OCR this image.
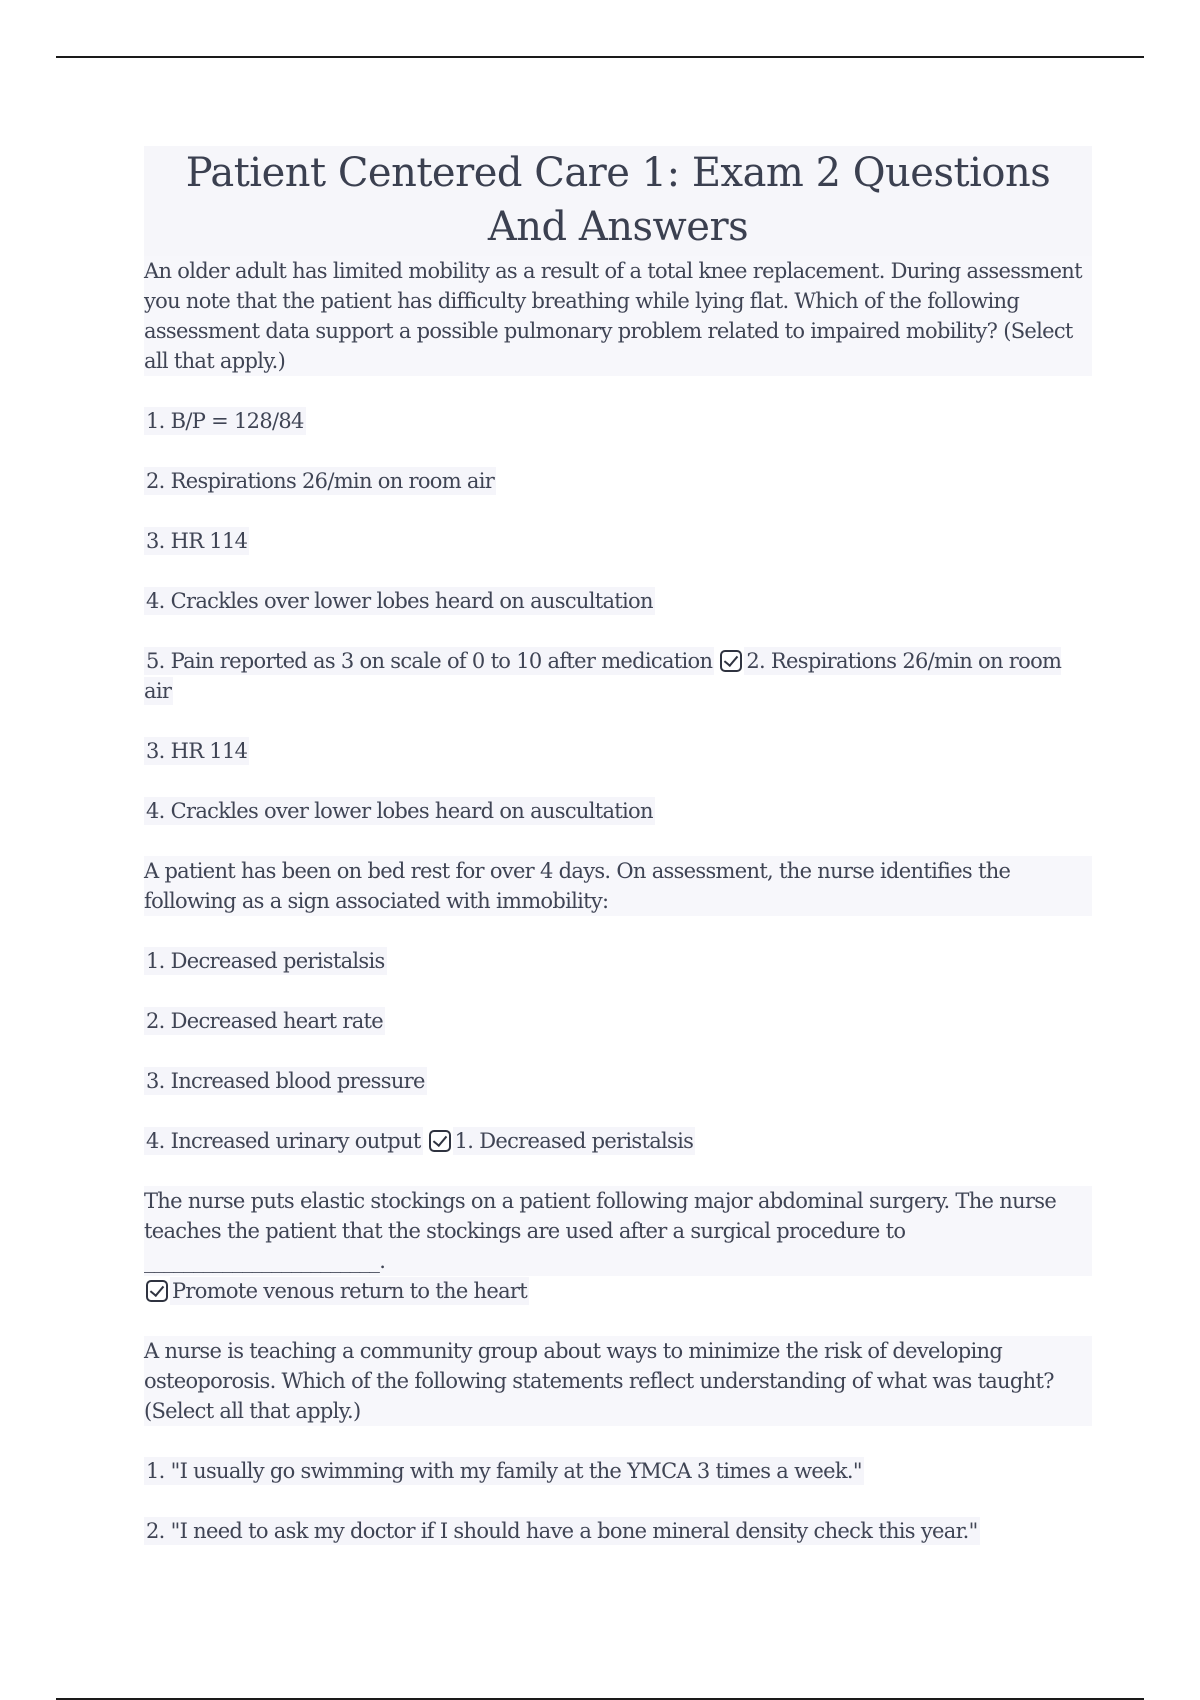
Patient Centered Care 1: Exam 2 Questions And Answers

An older adult has limited mobility as a result of a total knee replacement. During assessment you note that the patient has difficulty breathing while lying flat. Which of the following assessment data support a possible pulmonary problem related to impaired mobility? (Select all that apply.)

1. B/P = 128/84

2. Respirations 26/min on room air

3. HR 114

4. Crackles over lower lobes heard on auscultation

5. Pain reported as 3 on scale of 0 to 10 after medication 2. Respirations 26/min on room air

3. HR 114

4. Crackles over lower lobes heard on auscultation

A patient has been on bed rest for over 4 days. On assessment, the nurse identifies the following as a sign associated with immobility:

1. Decreased peristalsis

2. Decreased heart rate

3. Increased blood pressure

4. Increased urinary output 1. Decreased peristalsis

The nurse puts elastic stockings on a patient following major abdominal surgery. The nurse teaches the patient that the stockings are used after a surgical procedure to ________________________.

Promote venous return to the heart

A nurse is teaching a community group about ways to minimize the risk of developing osteoporosis. Which of the following statements reflect understanding of what was taught? (Select all that apply.)

1. "I usually go swimming with my family at the YMCA 3 times a week."

2. "I need to ask my doctor if I should have a bone mineral density check this year."
